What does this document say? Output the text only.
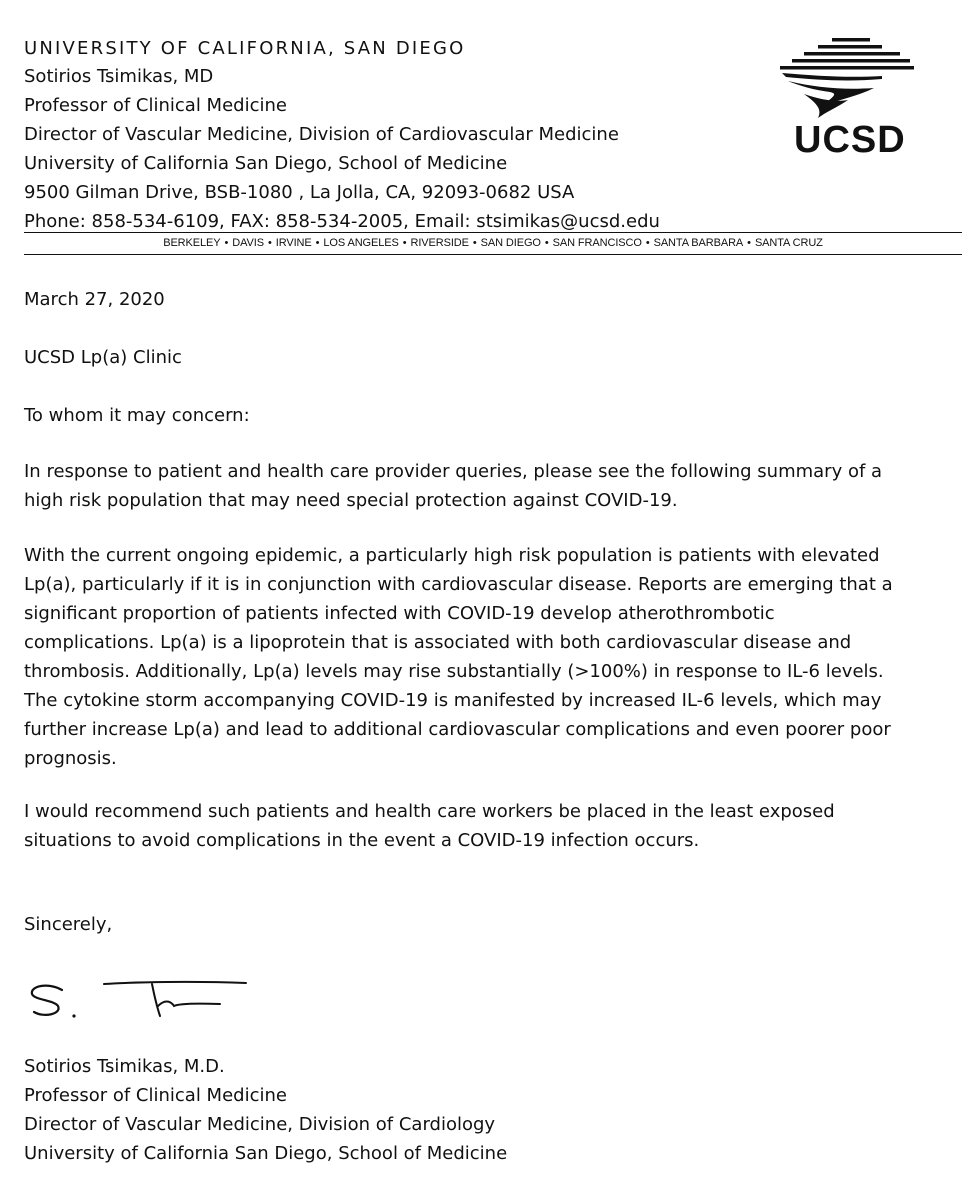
UNIVERSITY OF CALIFORNIA, SAN DIEGO
Sotirios Tsimikas, MD
Professor of Clinical Medicine
Director of Vascular Medicine, Division of Cardiovascular Medicine
University of California San Diego, School of Medicine
9500 Gilman Drive, BSB-1080 , La Jolla, CA, 92093-0682 USA
Phone: 858-534-6109, FAX: 858-534-2005, Email: stsimikas@ucsd.edu
UCSD
BERKELEY • DAVIS • IRVINE • LOS ANGELES • RIVERSIDE • SAN DIEGO • SAN FRANCISCO • SANTA BARBARA • SANTA CRUZ
March 27, 2020
UCSD Lp(a) Clinic
To whom it may concern:
In response to patient and health care provider queries, please see the following summary of a
high risk population that may need special protection against COVID-19.
With the current ongoing epidemic, a particularly high risk population is patients with elevated
Lp(a), particularly if it is in conjunction with cardiovascular disease. Reports are emerging that a
significant proportion of patients infected with COVID-19 develop atherothrombotic
complications. Lp(a) is a lipoprotein that is associated with both cardiovascular disease and
thrombosis. Additionally, Lp(a) levels may rise substantially (>100%) in response to IL-6 levels.
The cytokine storm accompanying COVID-19 is manifested by increased IL-6 levels, which may
further increase Lp(a) and lead to additional cardiovascular complications and even poorer poor
prognosis.
I would recommend such patients and health care workers be placed in the least exposed
situations to avoid complications in the event a COVID-19 infection occurs.
Sincerely,
Sotirios Tsimikas, M.D.
Professor of Clinical Medicine
Director of Vascular Medicine, Division of Cardiology
University of California San Diego, School of Medicine
